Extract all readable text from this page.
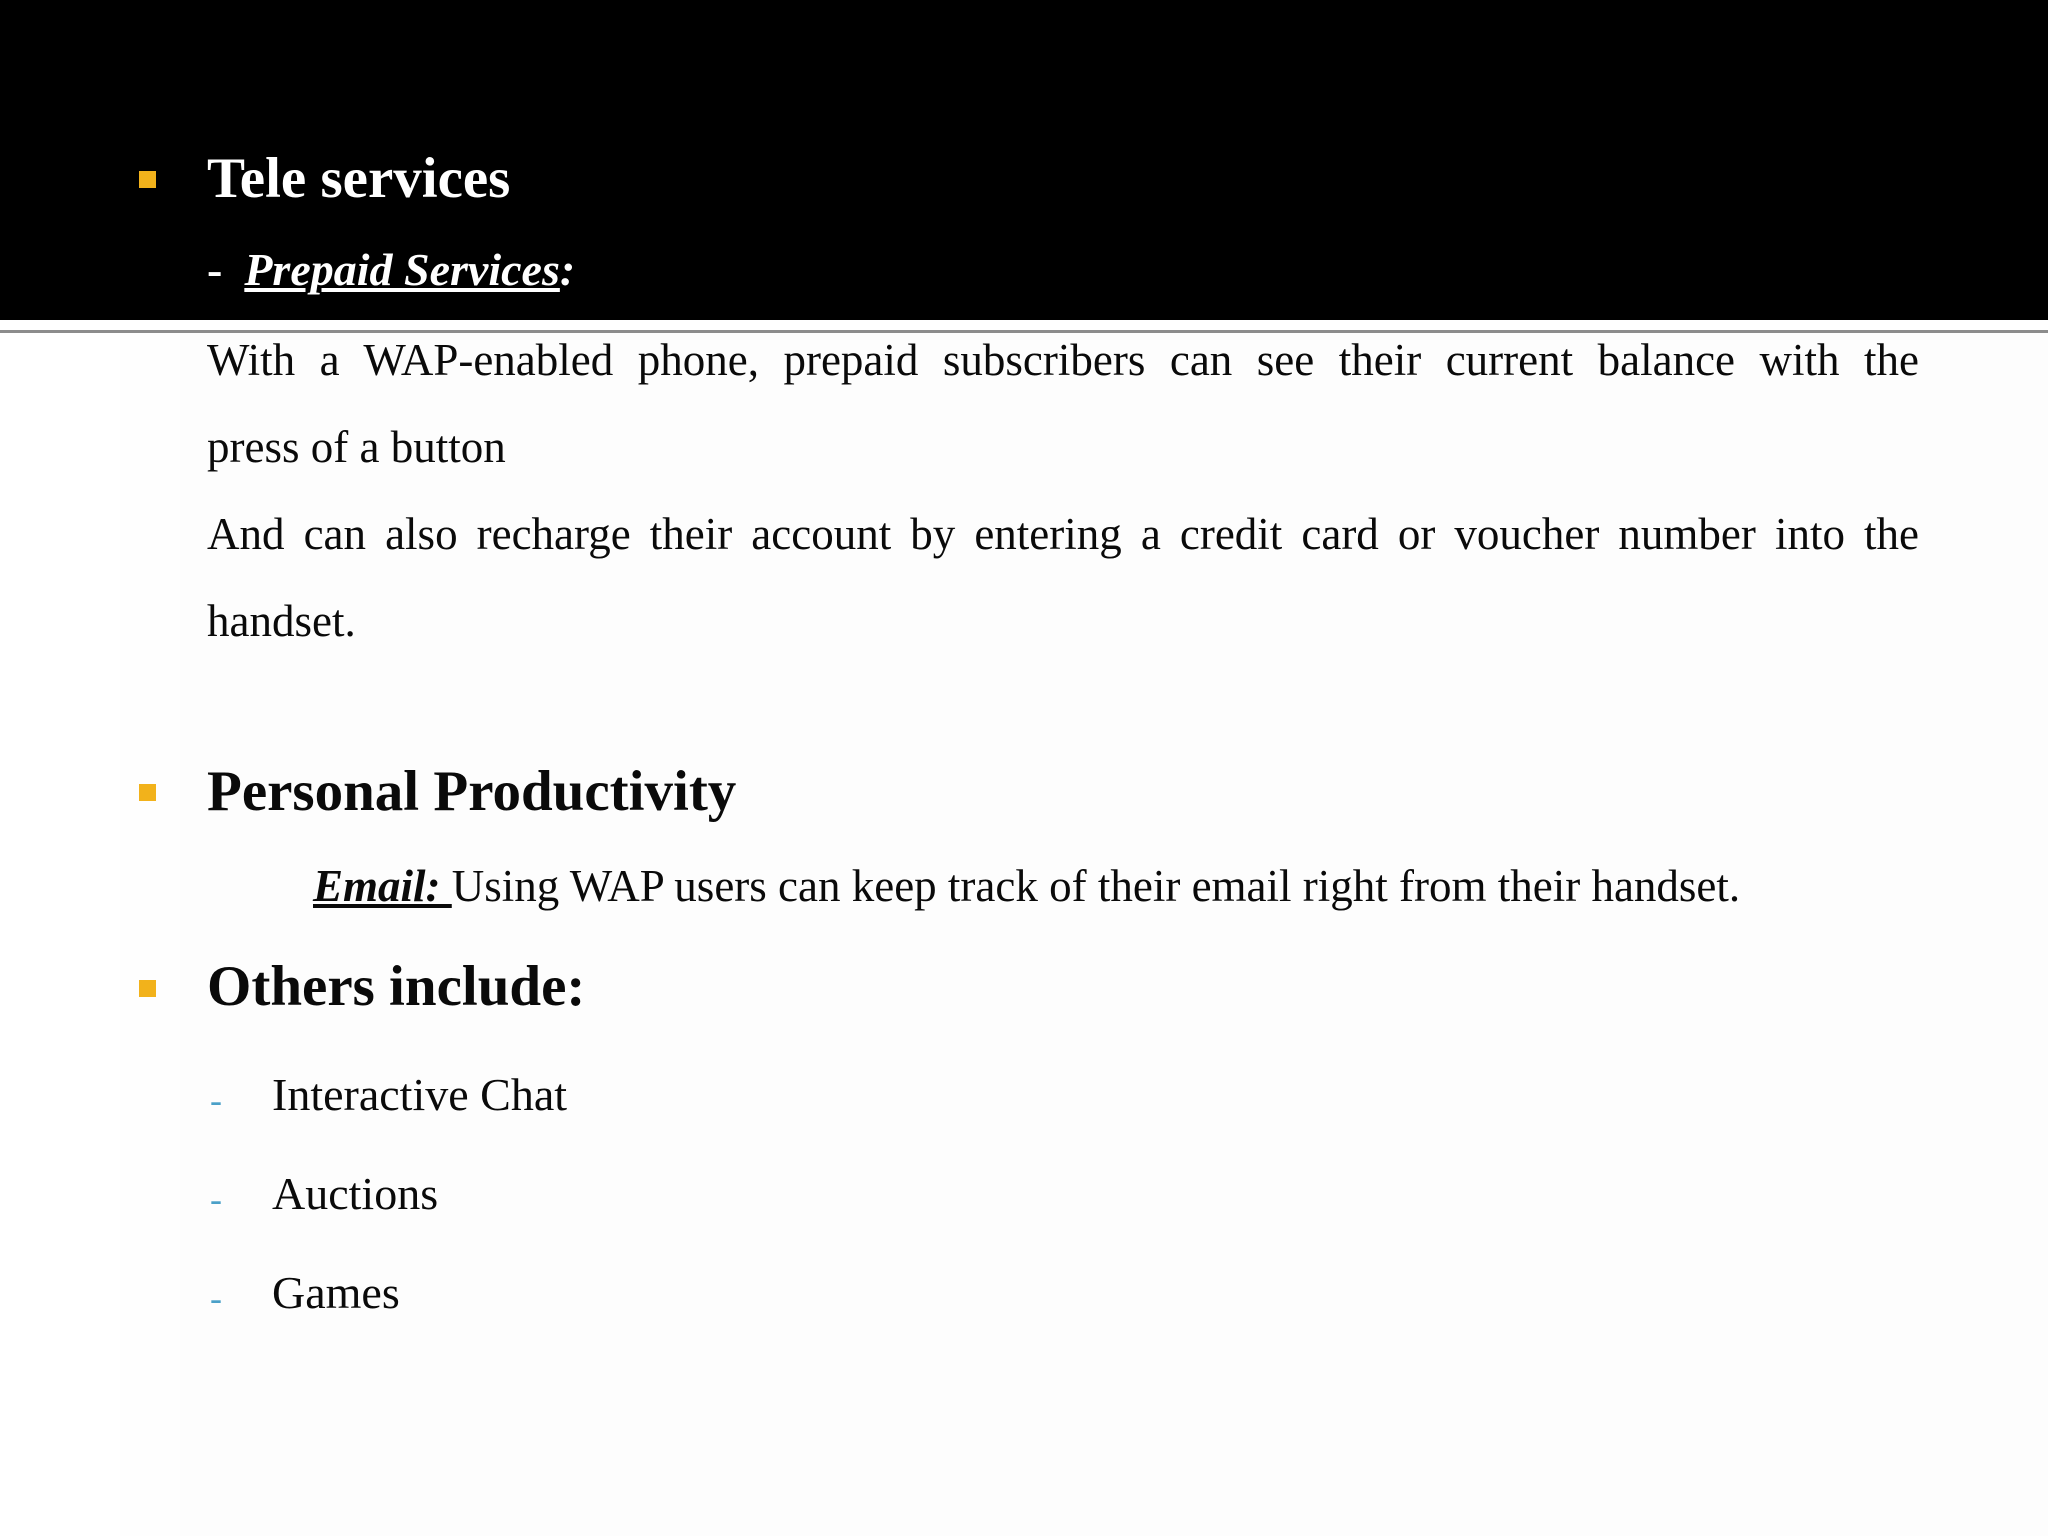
Tele services
- Prepaid Services:
With a WAP-enabled phone, prepaid subscribers can see their current balance with the
press of a button
And can also recharge their account by entering a credit card or voucher number into the
handset.
Personal Productivity
Email: Using WAP users can keep track of their email right from their handset.
Others include:
- Interactive Chat
- Auctions
- Games
